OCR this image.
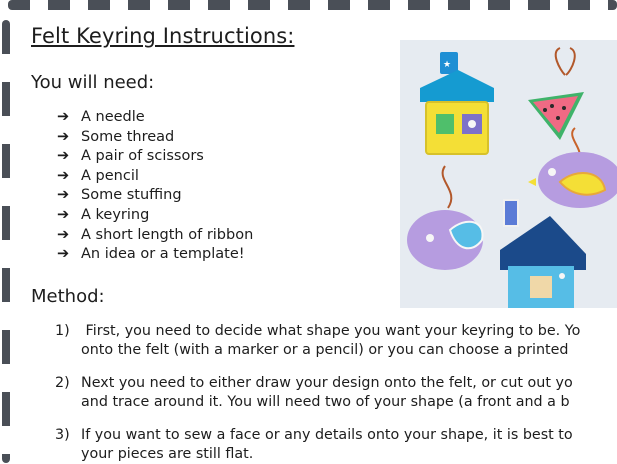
Felt Keyring Instructions:
You will need:
➔ A needle
➔ Some thread
➔ A pair of scissors
➔ A pencil
➔ Some stuffing
➔ A keyring
➔ A short length of ribbon
➔ An idea or a template!
Method:
1) First, you need to decide what shape you want your keyring to be. Yo
onto the felt (with a marker or a pencil) or you can choose a printed
2) Next you need to either draw your design onto the felt, or cut out yo
and trace around it. You will need two of your shape (a front and a b
3) If you want to sew a face or any details onto your shape, it is best to
your pieces are still flat.
★
